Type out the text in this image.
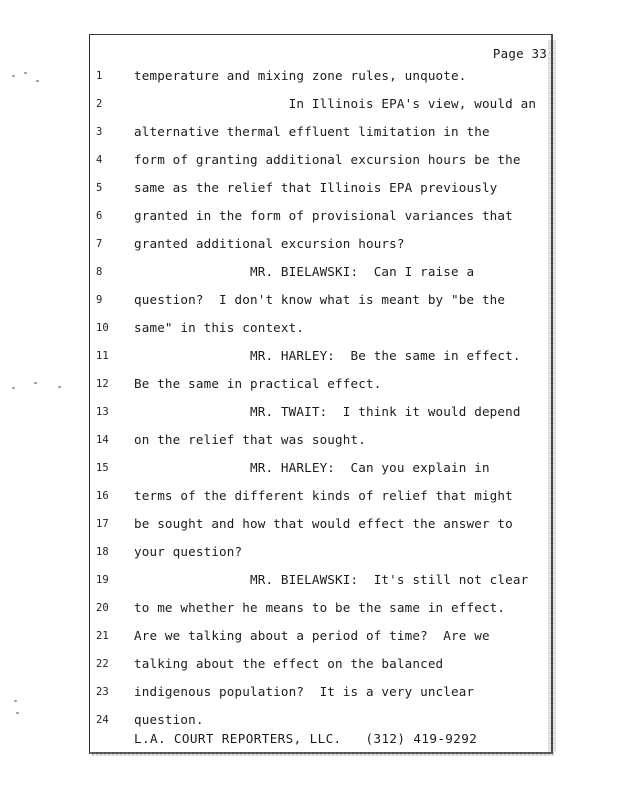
Page 33
1	temperature and mixing zone rules, unquote.
2	In Illinois EPA's view, would an
3	alternative thermal effluent limitation in the
4	form of granting additional excursion hours be the
5	same as the relief that Illinois EPA previously
6	granted in the form of provisional variances that
7	granted additional excursion hours?
8	MR. BIELAWSKI:  Can I raise a
9	question?  I don't know what is meant by "be the
10	same" in this context.
11	MR. HARLEY:  Be the same in effect.
12	Be the same in practical effect.
13	MR. TWAIT:  I think it would depend
14	on the relief that was sought.
15	MR. HARLEY:  Can you explain in
16	terms of the different kinds of relief that might
17	be sought and how that would effect the answer to
18	your question?
19	MR. BIELAWSKI:  It's still not clear
20	to me whether he means to be the same in effect.
21	Are we talking about a period of time?  Are we
22	talking about the effect on the balanced
23	indigenous population?  It is a very unclear
24	question.
L.A. COURT REPORTERS, LLC.   (312) 419-9292
